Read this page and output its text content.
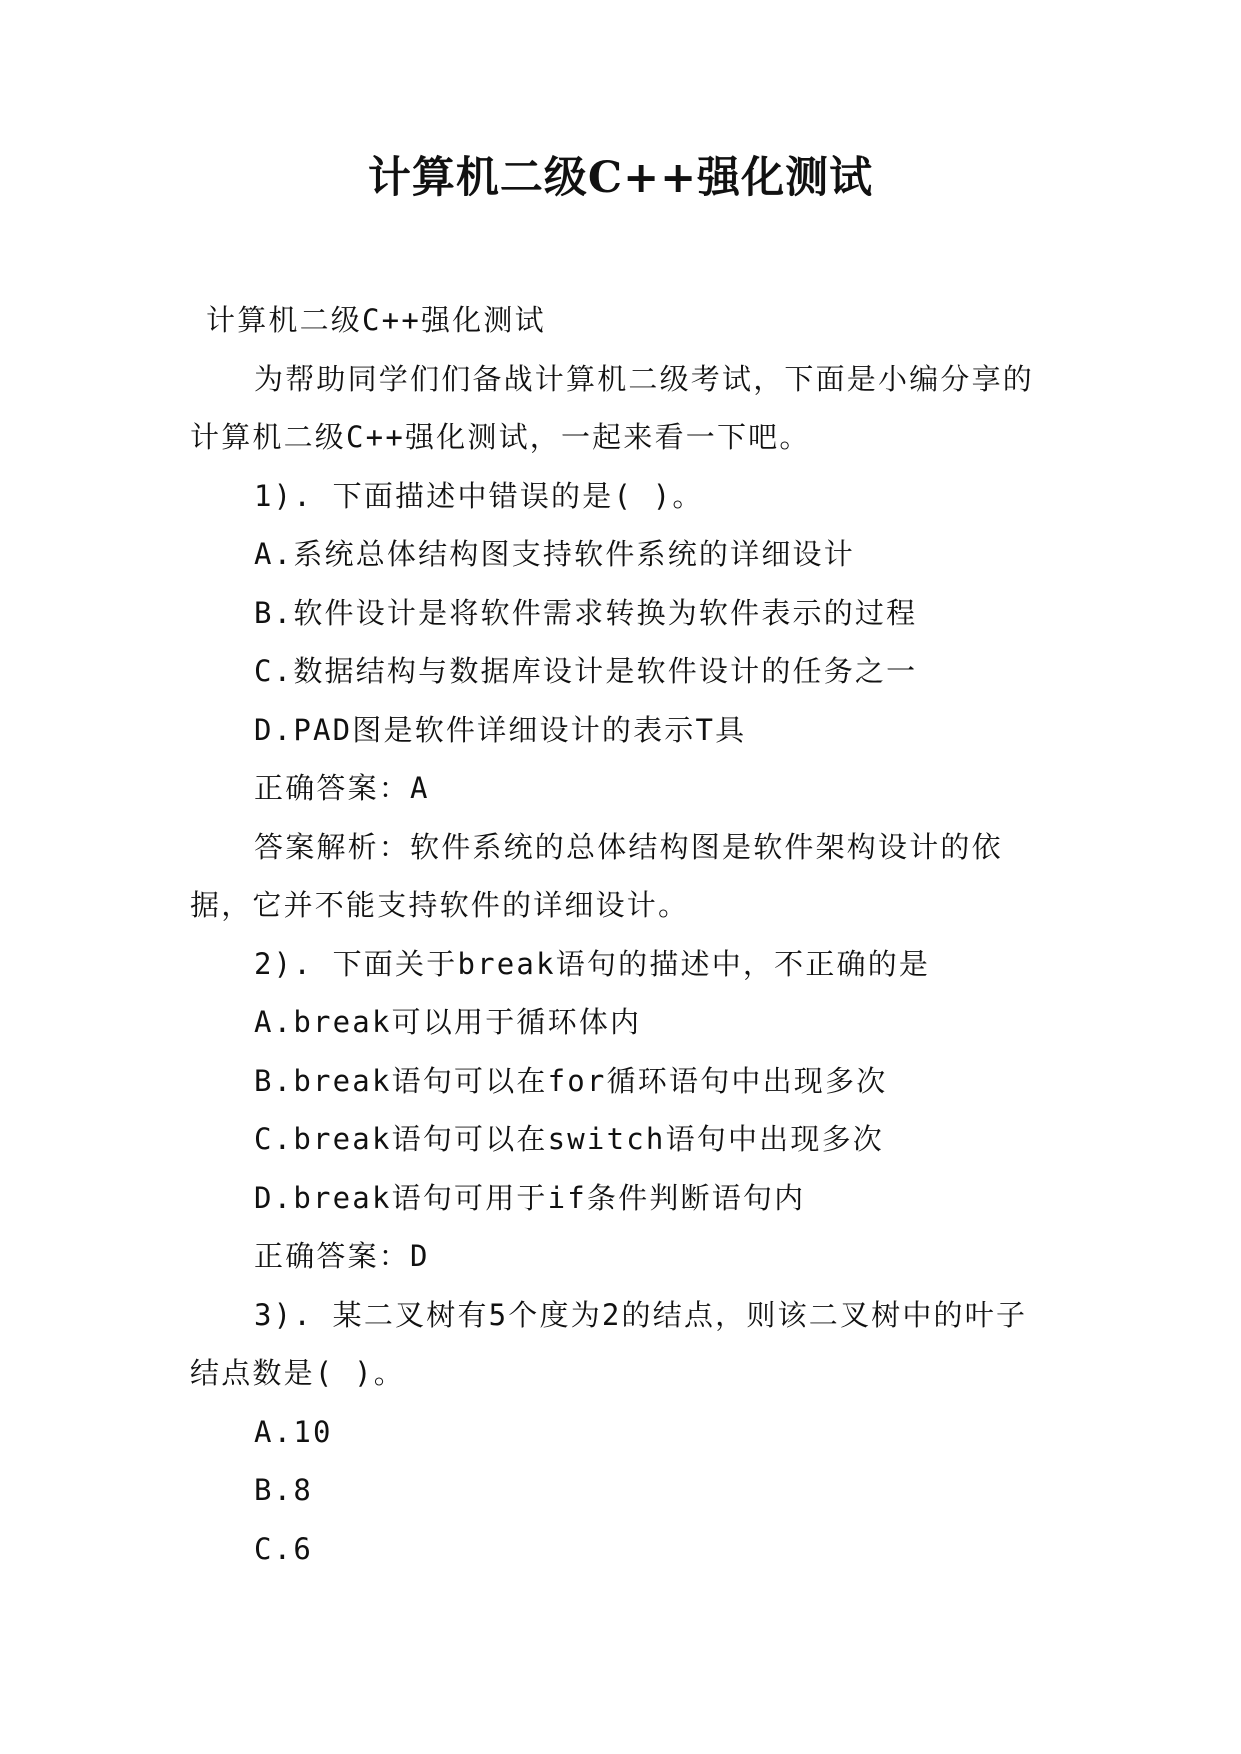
计算机二级C++强化测试

计算机二级C++强化测试

为帮助同学们们备战计算机二级考试，下面是小编分享的计算机二级C++强化测试，一起来看一下吧。

1). 下面描述中错误的是( )。

A.系统总体结构图支持软件系统的详细设计

B.软件设计是将软件需求转换为软件表示的过程

C.数据结构与数据库设计是软件设计的任务之一

D.PAD图是软件详细设计的表示T具

正确答案：A

答案解析：软件系统的总体结构图是软件架构设计的依据，它并不能支持软件的详细设计。

2). 下面关于break语句的描述中，不正确的是

A.break可以用于循环体内

B.break语句可以在for循环语句中出现多次

C.break语句可以在switch语句中出现多次

D.break语句可用于if条件判断语句内

正确答案：D

3). 某二叉树有5个度为2的结点，则该二叉树中的叶子结点数是( )。

A.10

B.8

C.6
